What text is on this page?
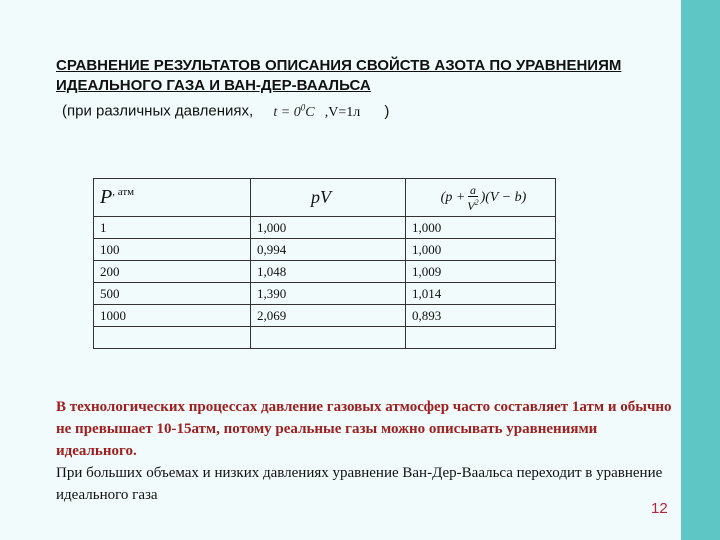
СРАВНЕНИЕ РЕЗУЛЬТАТОВ ОПИСАНИЯ СВОЙСТВ АЗОТА ПО УРАВНЕНИЯМ ИДЕАЛЬНОГО ГАЗА И ВАН-ДЕР-ВААЛЬСА
(при различных давлениях, $t = 0^0C$ ,V=1л )
$P^{, атм}$	pV	$(p + \frac{a}{V^2} )(V - b)$

1	1,000	1,000
100	0,994	1,000
200	1,048	1,009
500	1,390	1,014
1000	2,069	0,893

В технологических процессах давление газовых атмосфер часто составляет 1атм и обычно не превышает 10-15атм, потому реальные газы можно описывать уравнениями идеального.
При больших объемах и низких давлениях уравнение Ван-Дер-Ваальса переходит в уравнение идеального газа
12
